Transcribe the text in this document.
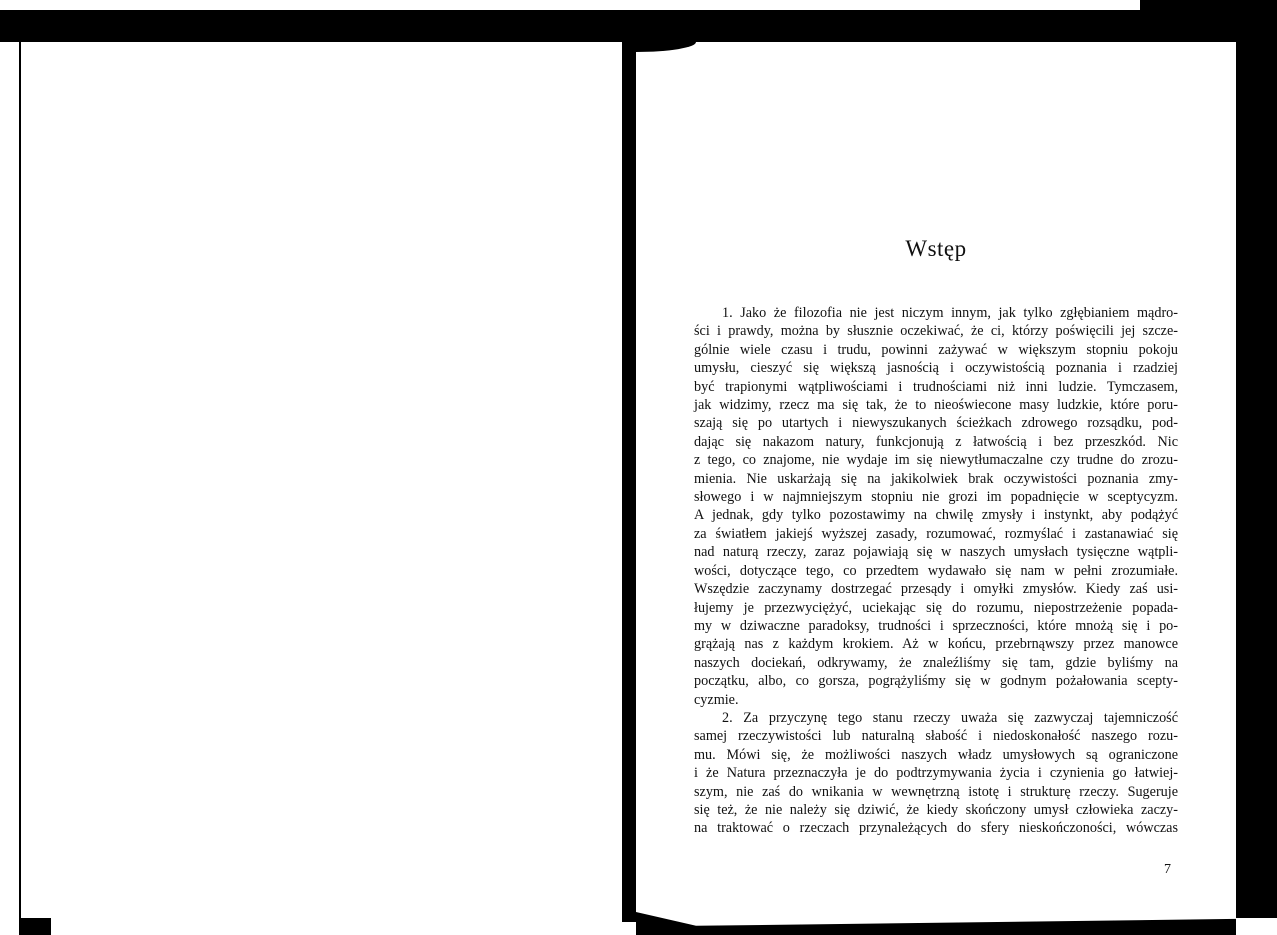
Wstęp
1. Jako że filozofia nie jest niczym innym, jak tylko zgłębianiem mądro-
ści i prawdy, można by słusznie oczekiwać, że ci, którzy poświęcili jej szcze-
gólnie wiele czasu i trudu, powinni zażywać w większym stopniu pokoju
umysłu, cieszyć się większą jasnością i oczywistością poznania i rzadziej
być trapionymi wątpliwościami i trudnościami niż inni ludzie. Tymczasem,
jak widzimy, rzecz ma się tak, że to nieoświecone masy ludzkie, które poru-
szają się po utartych i niewyszukanych ścieżkach zdrowego rozsądku, pod-
dając się nakazom natury, funkcjonują z łatwością i bez przeszkód. Nic
z tego, co znajome, nie wydaje im się niewytłumaczalne czy trudne do zrozu-
mienia. Nie uskarżają się na jakikolwiek brak oczywistości poznania zmy-
słowego i w najmniejszym stopniu nie grozi im popadnięcie w sceptycyzm.
A jednak, gdy tylko pozostawimy na chwilę zmysły i instynkt, aby podążyć
za światłem jakiejś wyższej zasady, rozumować, rozmyślać i zastanawiać się
nad naturą rzeczy, zaraz pojawiają się w naszych umysłach tysięczne wątpli-
wości, dotyczące tego, co przedtem wydawało się nam w pełni zrozumiałe.
Wszędzie zaczynamy dostrzegać przesądy i omyłki zmysłów. Kiedy zaś usi-
łujemy je przezwyciężyć, uciekając się do rozumu, niepostrzeżenie popada-
my w dziwaczne paradoksy, trudności i sprzeczności, które mnożą się i po-
grążają nas z każdym krokiem. Aż w końcu, przebrnąwszy przez manowce
naszych dociekań, odkrywamy, że znaleźliśmy się tam, gdzie byliśmy na
początku, albo, co gorsza, pogrążyliśmy się w godnym pożałowania scepty-
cyzmie.
2. Za przyczynę tego stanu rzeczy uważa się zazwyczaj tajemniczość
samej rzeczywistości lub naturalną słabość i niedoskonałość naszego rozu-
mu. Mówi się, że możliwości naszych władz umysłowych są ograniczone
i że Natura przeznaczyła je do podtrzymywania życia i czynienia go łatwiej-
szym, nie zaś do wnikania w wewnętrzną istotę i strukturę rzeczy. Sugeruje
się też, że nie należy się dziwić, że kiedy skończony umysł człowieka zaczy-
na traktować o rzeczach przynależących do sfery nieskończoności, wówczas
7
